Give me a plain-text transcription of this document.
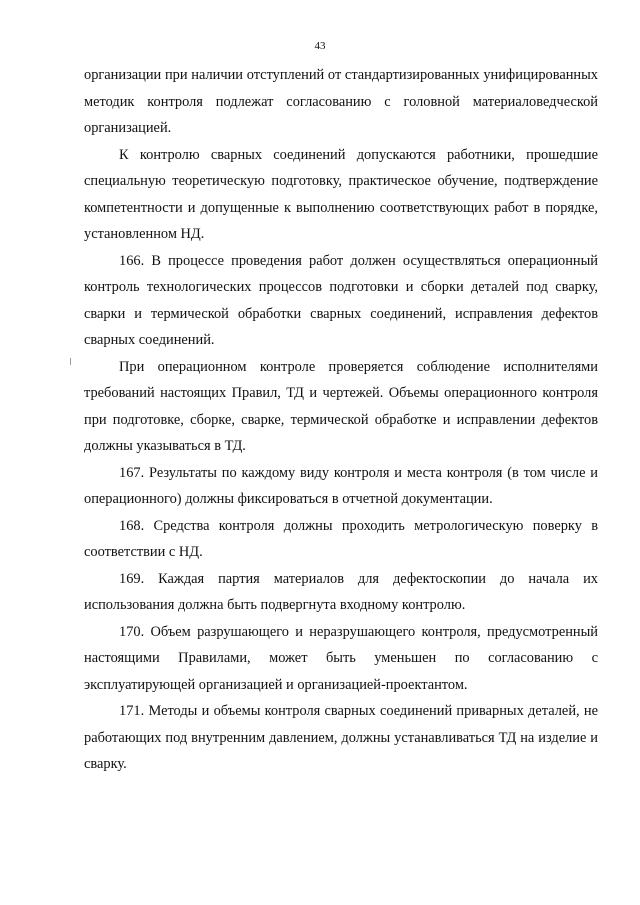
43

организации при наличии отступлений от стандартизированных унифицированных методик контроля подлежат согласованию с головной материаловедческой организацией.

К контролю сварных соединений допускаются работники, прошедшие специальную теоретическую подготовку, практическое обучение, подтверждение компетентности и допущенные к выполнению соответствующих работ в порядке, установленном НД.

166. В процессе проведения работ должен осуществляться операционный контроль технологических процессов подготовки и сборки деталей под сварку, сварки и термической обработки сварных соединений, исправления дефектов сварных соединений.

При операционном контроле проверяется соблюдение исполнителями требований настоящих Правил, ТД и чертежей. Объемы операционного контроля при подготовке, сборке, сварке, термической обработке и исправлении дефектов должны указываться в ТД.

167. Результаты по каждому виду контроля и места контроля (в том числе и операционного) должны фиксироваться в отчетной документации.

168. Средства контроля должны проходить метрологическую поверку в соответствии с НД.

169. Каждая партия материалов для дефектоскопии до начала их использования должна быть подвергнута входному контролю.

170. Объем разрушающего и неразрушающего контроля, предусмотренный настоящими Правилами, может быть уменьшен по согласованию с эксплуатирующей организацией и организацией-проектантом.

171. Методы и объемы контроля сварных соединений приварных деталей, не работающих под внутренним давлением, должны устанавливаться ТД на изделие и сварку.
